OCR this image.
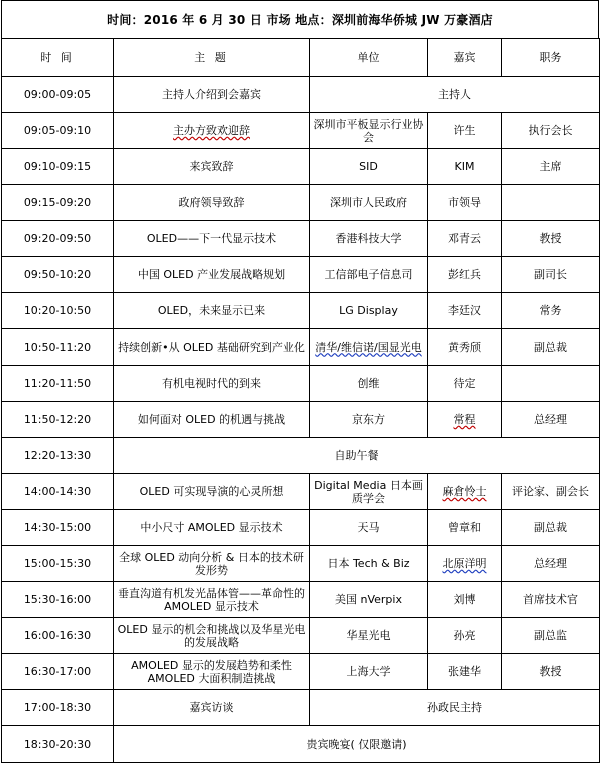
时间：2016 年 6 月 30 日 市场 地点：深圳前海华侨城 JW 万豪酒店
时 间	主 题	单位	嘉宾	职务
09:00-09:05	主持人介绍到会嘉宾	主持人		
09:05-09:10	主办方致欢迎辞	深圳市平板显示行业协会	许生	执行会长
09:10-09:15	来宾致辞	SID	KIM	主席
09:15-09:20	政府领导致辞	深圳市人民政府	市领导	
09:20-09:50	OLED——下一代显示技术	香港科技大学	邓青云	教授
09:50-10:20	中国 OLED 产业发展战略规划	工信部电子信息司	彭红兵	副司长
10:20-10:50	OLED，未来显示已来	LG Display	李廷汉	常务
10:50-11:20	持续创新•从 OLED 基础研究到产业化	清华/维信诺/国显光电	黄秀颀	副总裁
11:20-11:50	有机电视时代的到来	创维	待定	
11:50-12:20	如何面对 OLED 的机遇与挑战	京东方	常程	总经理
12:20-13:30	自助午餐			
14:00-14:30	OLED 可实现导演的心灵所想	Digital Media 日本画质学会	麻倉怜士	评论家、副会长
14:30-15:00	中小尺寸 AMOLED 显示技术	天马	曾章和	副总裁
15:00-15:30	全球 OLED 动向分析 & 日本的技术研发形势	日本 Tech & Biz	北原洋明	总经理
15:30-16:00	垂直沟道有机发光晶体管——革命性的 AMOLED 显示技术	美国 nVerpix	刘博	首席技术官
16:00-16:30	OLED 显示的机会和挑战以及华星光电的发展战略	华星光电	孙亮	副总监
16:30-17:00	AMOLED 显示的发展趋势和柔性 AMOLED 大面积制造挑战	上海大学	张建华	教授
17:00-18:30	嘉宾访谈	孙政民主持		
18:30-20:30	贵宾晚宴( 仅限邀请)			
